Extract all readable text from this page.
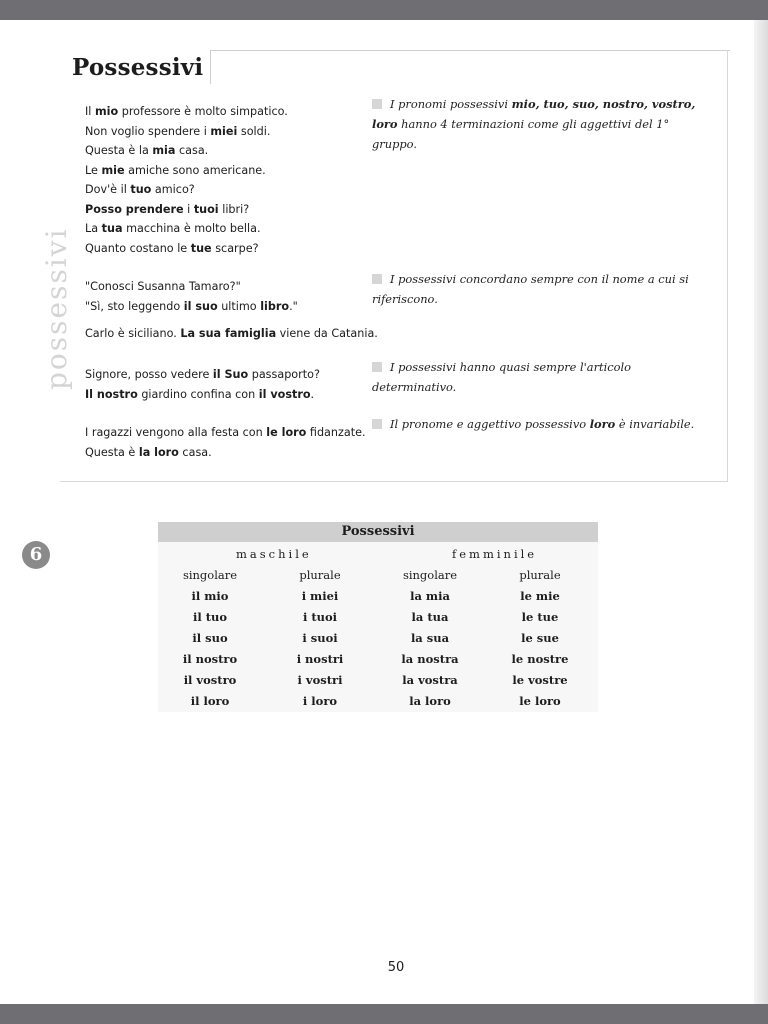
Possessivi
possessivi
6
Il mio professore è molto simpatico.
Non voglio spendere i miei soldi.
Questa è la mia casa.
Le mie amiche sono americane.
Dov'è il tuo amico?
Posso prendere i tuoi libri?
La tua macchina è molto bella.
Quanto costano le tue scarpe?
"Conosci Susanna Tamaro?"
"Sì, sto leggendo il suo ultimo libro."
Carlo è siciliano. La sua famiglia viene da Catania.
Signore, posso vedere il Suo passaporto?
Il nostro giardino confina con il vostro.
I ragazzi vengono alla festa con le loro fidanzate.
Questa è la loro casa.
I pronomi possessivi mio, tuo, suo, nostro, vostro, loro hanno 4 terminazioni come gli aggettivi del 1° gruppo.
I possessivi concordano sempre con il nome a cui si riferiscono.
I possessivi hanno quasi sempre l'articolo determinativo.
Il pronome e aggettivo possessivo loro è invariabile.
Possessivi
maschile	femminile
singolare	plurale	singolare	plurale
il mio	i miei	la mia	le mie
il tuo	i tuoi	la tua	le tue
il suo	i suoi	la sua	le sue
il nostro	i nostri	la nostra	le nostre
il vostro	i vostri	la vostra	le vostre
il loro	i loro	la loro	le loro
50
